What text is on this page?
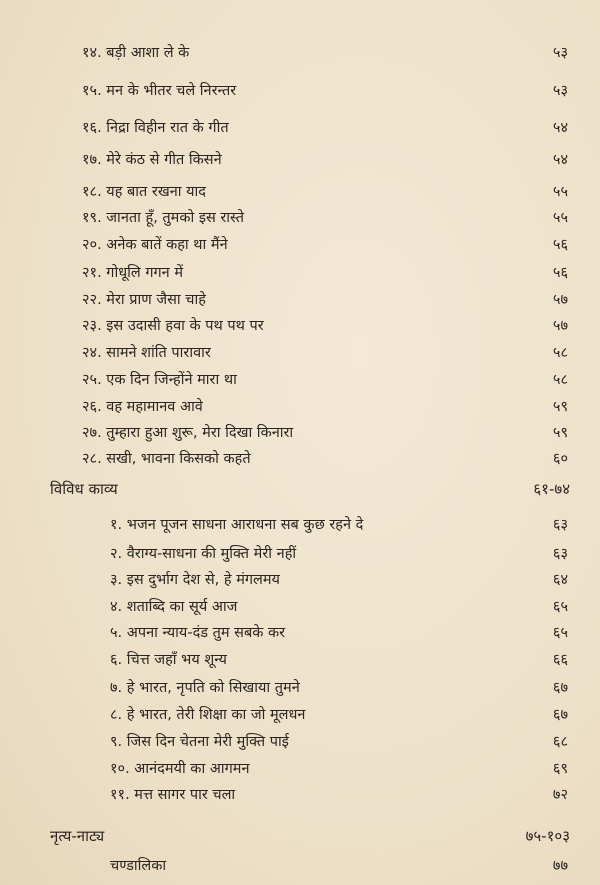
१४. बड़ी आशा ले के	५३
१५. मन के भीतर चले निरन्तर	५३
१६. निद्रा विहीन रात के गीत	५४
१७. मेरे कंठ से गीत किसने	५४
१८. यह बात रखना याद	५५
१९. जानता हूँ, तुमको इस रास्ते	५५
२०. अनेक बातें कहा था मैंने	५६
२१. गोधूलि गगन में	५६
२२. मेरा प्राण जैसा चाहे	५७
२३. इस उदासी हवा के पथ पथ पर	५७
२४. सामने शांति पारावार	५८
२५. एक दिन जिन्होंने मारा था	५८
२६. वह महामानव आवे	५९
२७. तुम्हारा हुआ शुरू, मेरा दिखा किनारा	५९
२८. सखी, भावना किसको कहते	६०
विविध काव्य	६१-७४
१. भजन पूजन साधना आराधना सब कुछ रहने दे	६३
२. वैराग्य-साधना की मुक्ति मेरी नहीं	६३
३. इस दुर्भाग देश से, हे मंगलमय	६४
४. शताब्दि का सूर्य आज	६५
५. अपना न्याय-दंड तुम सबके कर	६५
६. चित्त जहाँ भय शून्य	६६
७. हे भारत, नृपति को सिखाया तुमने	६७
८. हे भारत, तेरी शिक्षा का जो मूलधन	६७
९. जिस दिन चेतना मेरी मुक्ति पाई	६८
१०. आनंदमयी का आगमन	६९
११. मत्त सागर पार चला	७२
नृत्य-नाट्य	७५-१०३
चण्डालिका	७७
